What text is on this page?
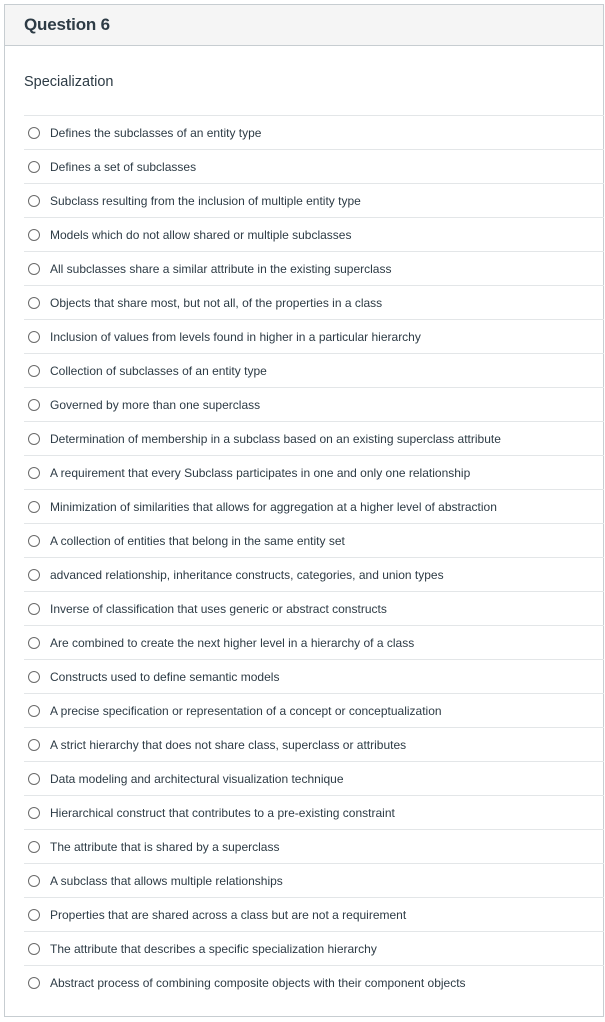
Question 6
Specialization
Defines the subclasses of an entity type
Defines a set of subclasses
Subclass resulting from the inclusion of multiple entity type
Models which do not allow shared or multiple subclasses
All subclasses share a similar attribute in the existing superclass
Objects that share most, but not all, of the properties in a class
Inclusion of values from levels found in higher in a particular hierarchy
Collection of subclasses of an entity type
Governed by more than one superclass
Determination of membership in a subclass based on an existing superclass attribute
A requirement that every Subclass participates in one and only one relationship
Minimization of similarities that allows for aggregation at a higher level of abstraction
A collection of entities that belong in the same entity set
advanced relationship, inheritance constructs, categories, and union types
Inverse of classification that uses generic or abstract constructs
Are combined to create the next higher level in a hierarchy of a class
Constructs used to define semantic models
A precise specification or representation of a concept or conceptualization
A strict hierarchy that does not share class, superclass or attributes
Data modeling and architectural visualization technique
Hierarchical construct that contributes to a pre-existing constraint
The attribute that is shared by a superclass
A subclass that allows multiple relationships
Properties that are shared across a class but are not a requirement
The attribute that describes a specific specialization hierarchy
Abstract process of combining composite objects with their component objects
